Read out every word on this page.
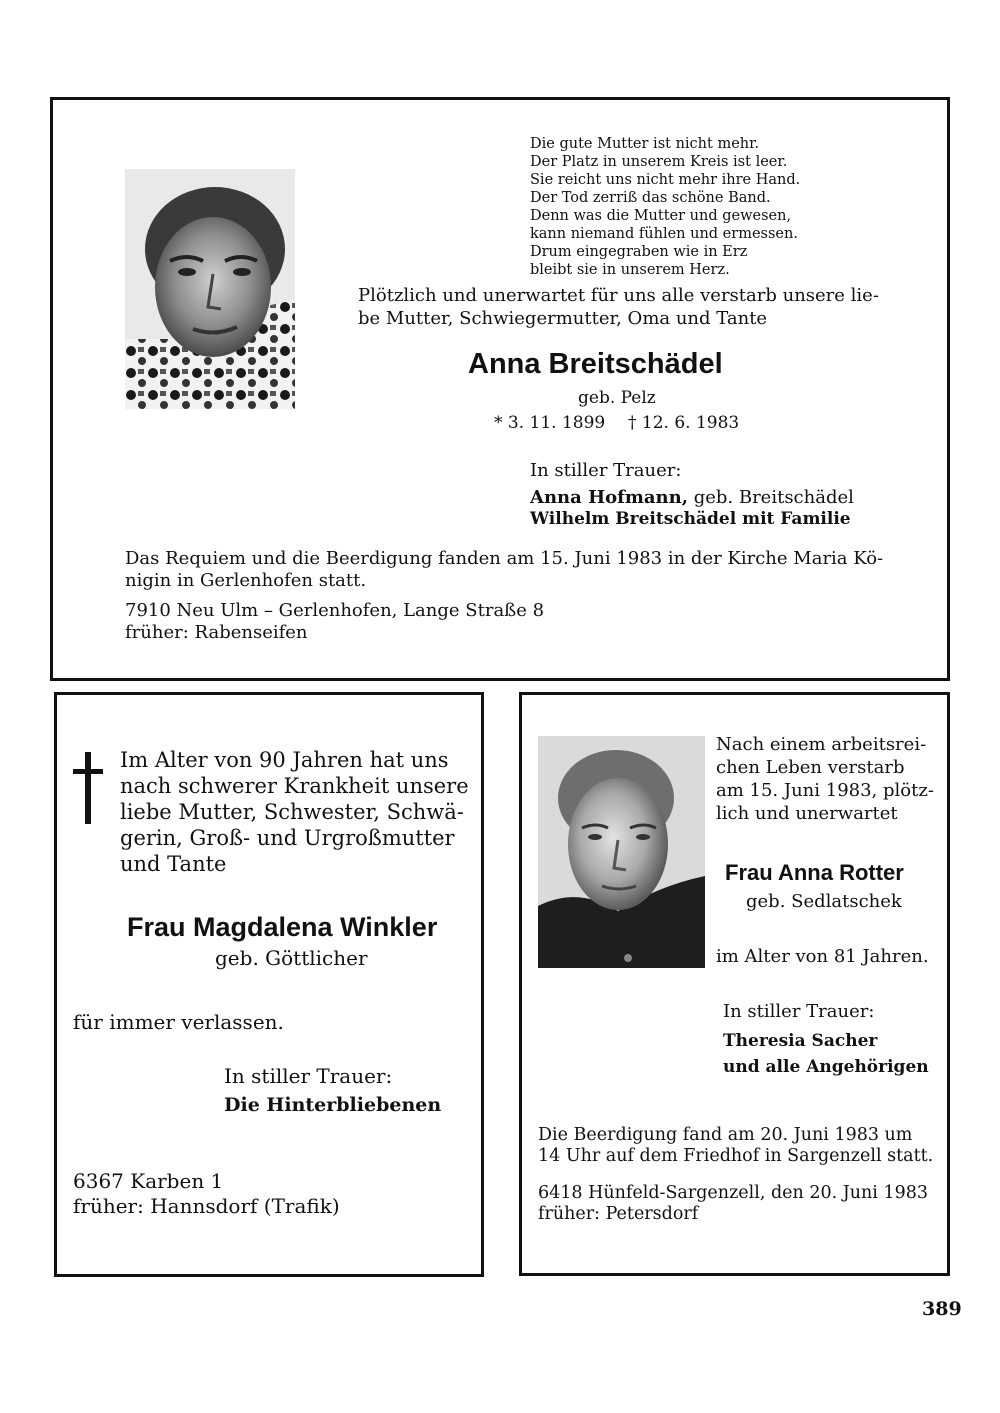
Die gute Mutter ist nicht mehr.
Der Platz in unserem Kreis ist leer.
Sie reicht uns nicht mehr ihre Hand.
Der Tod zerriß das schöne Band.
Denn was die Mutter und gewesen,
kann niemand fühlen und ermessen.
Drum eingegraben wie in Erz
bleibt sie in unserem Herz.
Plötzlich und unerwartet für uns alle verstarb unsere lie-
be Mutter, Schwiegermutter, Oma und Tante
Anna Breitschädel
geb. Pelz
* 3. 11. 1899 † 12. 6. 1983
In stiller Trauer:
Anna Hofmann, geb. Breitschädel
Wilhelm Breitschädel mit Familie
Das Requiem und die Beerdigung fanden am 15. Juni 1983 in der Kirche Maria Kö-
nigin in Gerlenhofen statt.
7910 Neu Ulm – Gerlenhofen, Lange Straße 8
früher: Rabenseifen
Im Alter von 90 Jahren hat uns
nach schwerer Krankheit unsere
liebe Mutter, Schwester, Schwä-
gerin, Groß- und Urgroßmutter
und Tante
Frau Magdalena Winkler
geb. Göttlicher
für immer verlassen.
In stiller Trauer:
Die Hinterbliebenen
6367 Karben 1
früher: Hannsdorf (Trafik)
Nach einem arbeitsrei-
chen Leben verstarb
am 15. Juni 1983, plötz-
lich und unerwartet
Frau Anna Rotter
geb. Sedlatschek
im Alter von 81 Jahren.
In stiller Trauer:
Theresia Sacher
und alle Angehörigen
Die Beerdigung fand am 20. Juni 1983 um
14 Uhr auf dem Friedhof in Sargenzell statt.
6418 Hünfeld-Sargenzell, den 20. Juni 1983
früher: Petersdorf
389
